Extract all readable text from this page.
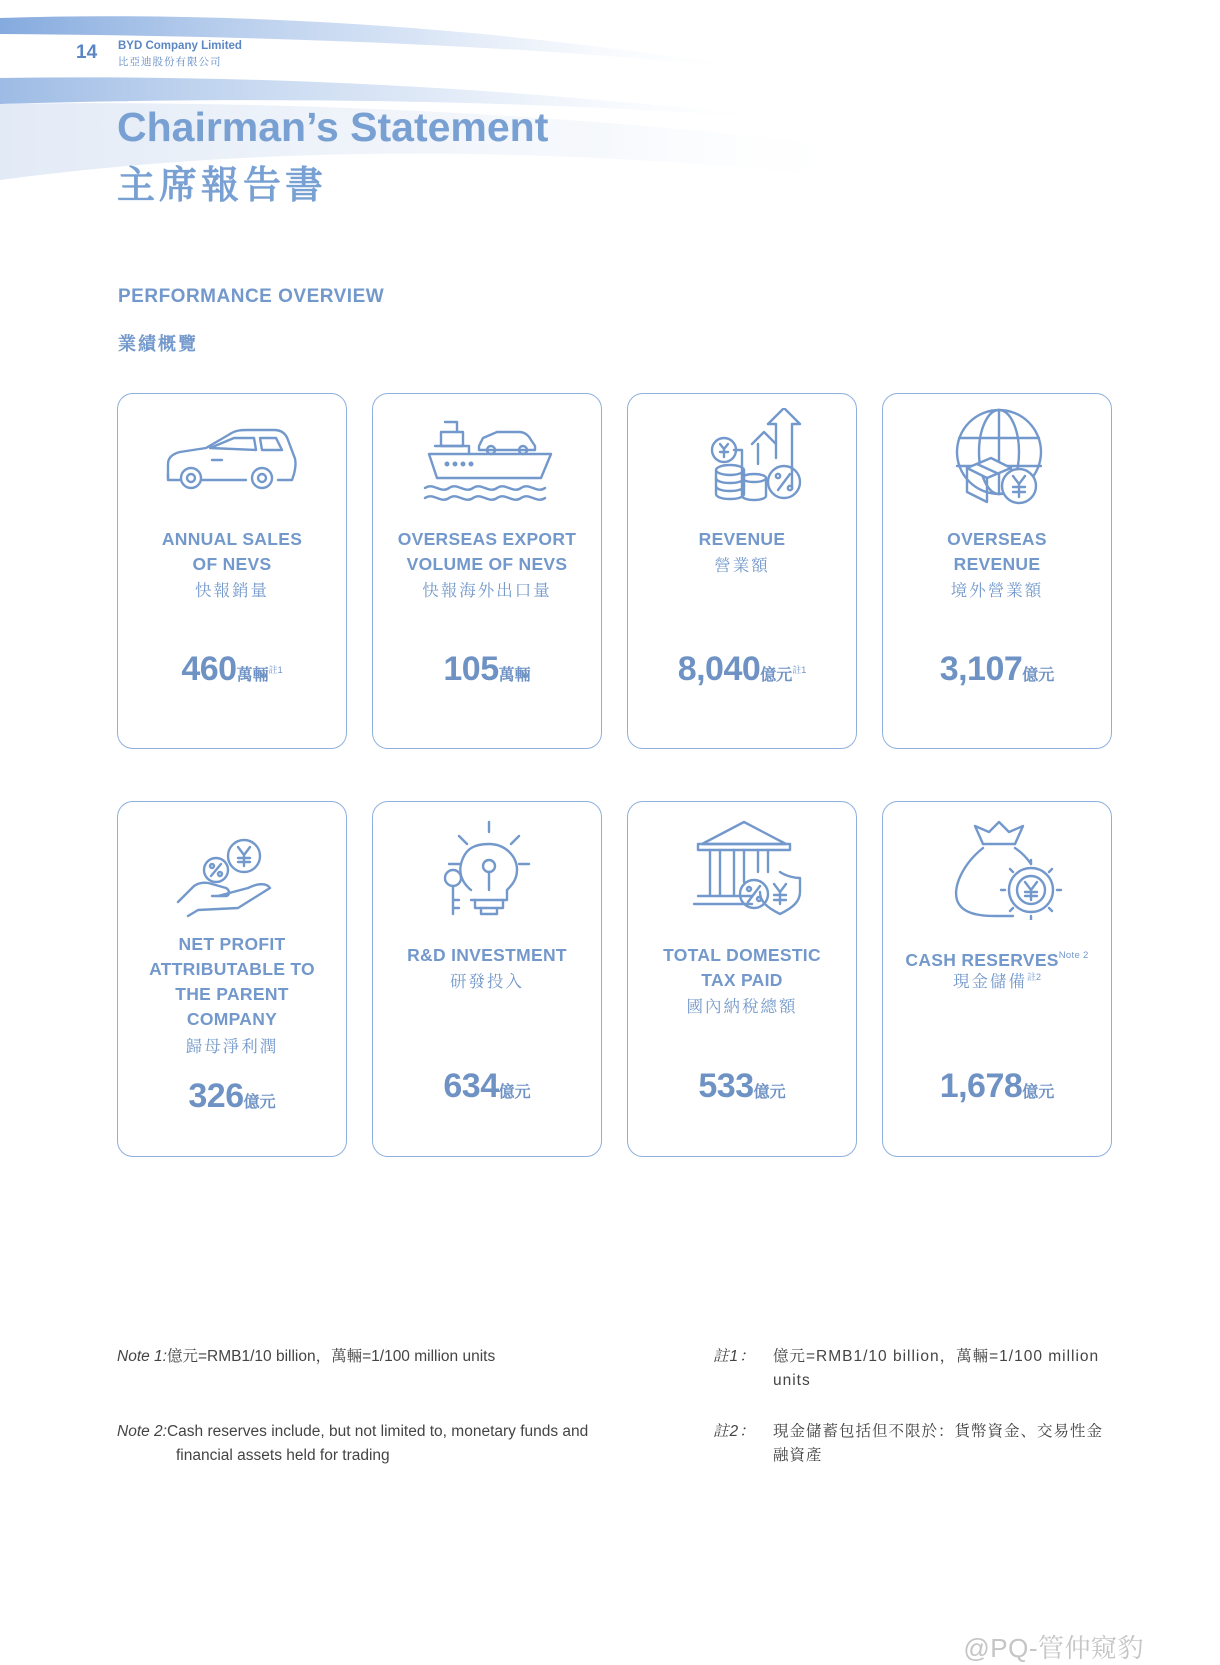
14 BYD Company Limited
比亞迪股份有限公司
Chairman’s Statement
主席報告書
PERFORMANCE OVERVIEW
業績概覽
ANNUAL SALES
OF NEVS
快報銷量
460萬輛$^{註1}$
OVERSEAS EXPORT
VOLUME OF NEVS
快報海外出口量
105萬輛
REVENUE
營業額
8,040億元$^{註1}$
OVERSEAS
REVENUE
境外營業額
3,107億元
NET PROFIT
ATTRIBUTABLE TO
THE PARENT
COMPANY
歸母淨利潤
326億元
R&D INVESTMENT
研發投入
634億元
TOTAL DOMESTIC
TAX PAID
國內納稅總額
533億元
CASH RESERVES$^{Note 2}$
現金儲備$^{註2}$
1,678億元
Note 1:億元=RMB1/10 billion，萬輛=1/100 million units
Note 2:Cash reserves include, but not limited to, monetary funds and
financial assets held for trading
註1： 億元=RMB1/10 billion，萬輛=1/100 million
units
註2： 現金儲蓄包括但不限於：貨幣資金、交易性金
融資產
@PQ-管仲窥豹
